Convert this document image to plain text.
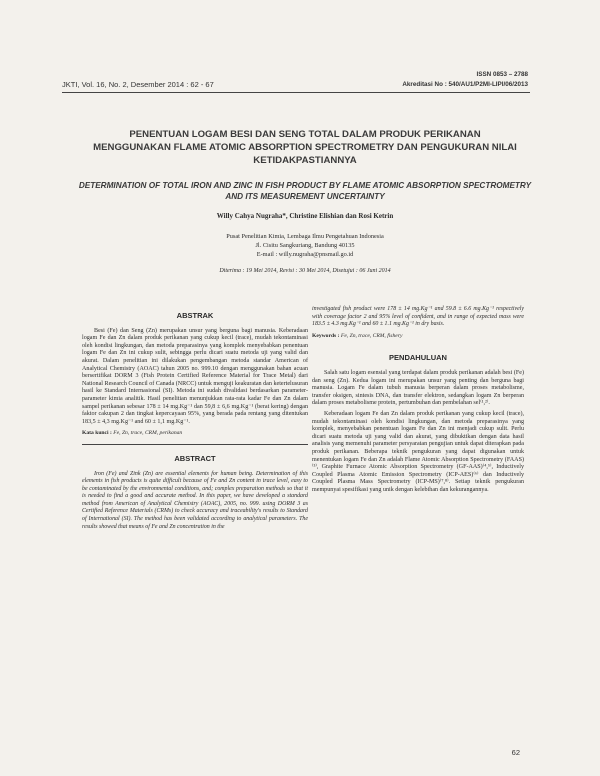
JKTI, Vol. 16, No. 2, Desember 2014 : 62 - 67
ISSN 0853 – 2788
Akreditasi No : 540/AU1/P2MI-LIPI/06/2013
PENENTUAN LOGAM BESI DAN SENG TOTAL DALAM PRODUK PERIKANAN MENGGUNAKAN FLAME ATOMIC ABSORPTION SPECTROMETRY DAN PENGUKURAN NILAI KETIDAKPASTIANNYA
DETERMINATION OF TOTAL IRON AND ZINC IN FISH PRODUCT BY FLAME ATOMIC ABSORPTION SPECTROMETRY AND ITS MEASUREMENT UNCERTAINTY
Willy Cahya Nugraha*, Christine Elishian dan Rosi Ketrin
Pusat Penelitian Kimia, Lembaga Ilmu Pengetahuan Indonesia
Jl. Cisitu Sangkuriang, Bandung 40135
E-mail : willy.nugraha@pnsmail.go.id
Diterima : 19 Mei 2014, Revisi : 30 Mei 2014, Disetujui : 06 Juni 2014
ABSTRAK

Besi (Fe) dan Seng (Zn) merupakan unsur yang berguna bagi manusia. Keberadaan logam Fe dan Zn dalam produk perikanan yang cukup kecil (trace), mudah tekontaminasi oleh kondisi lingkungan, dan metoda preparasinya yang komplek menyebabkan penentuan logam Fe dan Zn ini cukup sulit, sebingga perlu dicari suatu metoda uji yang valid dan akurat. Dalam penelitian ini dilakukan pengembangan metoda standar American of Analytical Chemistry (AOAC) tahun 2005 no. 999.10 dengan menggunakan bahan acuan bersertifikat DORM 3 (Fish Protein Certified Reference Material for Trace Metal) dari National Research Council of Canada (NRCC) untuk menguji keakuratan dan ketertelusuran hasil ke Standard Internasional (SI). Metoda ini sudah divalidasi berdasarkan parameter-parameter kimia analitik. Hasil penelitian menunjukkan rata-rata kadar Fe dan Zn dalam sampel perikanan sebesar 178 ± 14 mg.Kg⁻¹ dan 59,8 ± 6,6 mg.Kg⁻¹ (berat kering) dengan faktor cakupan 2 dan tingkat kepercayaan 95%, yang berada pada rentang yang ditentukan 183,5 ± 4,3 mg.Kg⁻¹ and 60 ± 1,1 mg.Kg⁻¹.

Kata kunci : Fe, Zn, trace, CRM, perikanan
ABSTRACT

Iron (Fe) and Zink (Zn) are essential elements for human being. Determination of this elements in fish products is quite difficult because of Fe and Zn content in trace level, easy to be contaminated by the environmental conditions, and; complex preparation methods so that it is needed to find a good and accurate method. In this paper, we have developed a standard method from American of Analytical Chemistry (AOAC), 2005, no. 999. using DORM 3 as Certified Reference Materials (CRMs) to check accuracy and traceability's results to Standard of International (SI). The method has been validated according to analytical parameters. The results showed that means of Fe and Zn concentration in the

investigated fish product were 178 ± 14 mg.Kg⁻¹ and 59.8 ± 6.6 mg.Kg⁻¹ respectively with coverage factor 2 and 95% level of confident, and in range of expected mass were 183.5 ± 4.3 mg.Kg⁻¹ and 60 ± 1.1 mg.Kg⁻¹ in dry basis.

Keywords : Fe, Zn, trace, CRM, fishery
PENDAHULUAN

Salah satu logam esensial yang terdapat dalam produk perikanan adalah besi (Fe) dan seng (Zn). Kedua logam ini merupakan unsur yang penting dan berguna bagi manusia. Logam Fe dalam tubuh manusia berperan dalam proses metabolisme, transfer oksigen, sintesis DNA, dan transfer elektron, sedangkan logam Zn berperan dalam proses metabolisme protein, pertumbuhan dan pembelahan sel⁽¹,²⁾.

Keberadaan logam Fe dan Zn dalam produk perikanan yang cukup kecil (trace), mudah tekontaminasi oleh kondisi lingkungan, dan metoda preparasinya yang komplek, menyebabkan penentuan logam Fe dan Zn ini menjadi cukup sulit. Perlu dicari suatu metoda uji yang valid dan akurat, yang dibuktikan dengan data hasil analisis yang memenuhi parameter persyaratan pengujian untuk dapat diterapkan pada produk perikanan. Beberapa teknik pengukuran yang dapat digunakan untuk menentukan logam Fe dan Zn adalah Flame Atomic Absorption Spectrometry (FAAS)⁽³⁾, Graphite Furnace Atomic Absorption Spectrometry (GF-AAS)⁽⁴,⁵⁾, Inductively Coupled Plasma Atomic Emission Spectrometry (ICP-AES)⁽⁶⁾ dan Inductively Coupled Plasma Mass Spectrometry (ICP-MS)⁽⁷,⁸⁾. Setiap teknik pengukuran mempunyai spesifikasi yang unik dengan kelebihan dan kekurangannya.

62
